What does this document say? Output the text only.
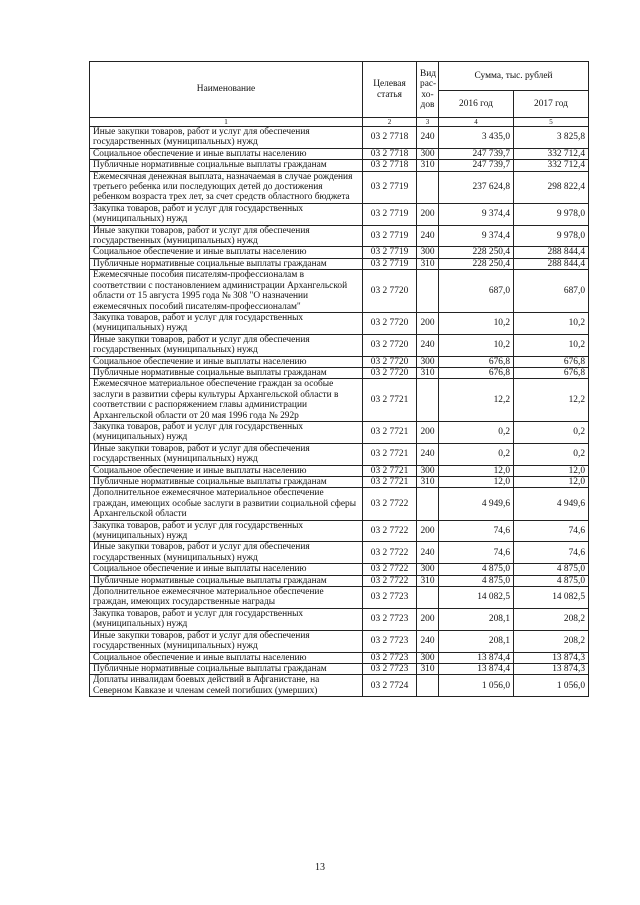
Наименование	Целевая статья	Вид рас-хо-дов	Сумма, тыс. рублей	
			2016 год	2017 год
1	2	3	4	5
Иные закупки товаров, работ и услуг для обеспечения государственных (муниципальных) нужд	03 2 7718	240	3 435,0	3 825,8
Социальное обеспечение и иные выплаты населению	03 2 7718	300	247 739,7	332 712,4
Публичные нормативные социальные выплаты гражданам	03 2 7718	310	247 739,7	332 712,4
Ежемесячная денежная выплата, назначаемая в случае рождения третьего ребенка или последующих детей до достижения ребенком возраста трех лет, за счет средств областного бюджета	03 2 7719		237 624,8	298 822,4
Закупка товаров, работ и услуг для государственных (муниципальных) нужд	03 2 7719	200	9 374,4	9 978,0
Иные закупки товаров, работ и услуг для обеспечения государственных (муниципальных) нужд	03 2 7719	240	9 374,4	9 978,0
Социальное обеспечение и иные выплаты населению	03 2 7719	300	228 250,4	288 844,4
Публичные нормативные социальные выплаты гражданам	03 2 7719	310	228 250,4	288 844,4
Ежемесячные пособия писателям-профессионалам в соответствии с постановлением администрации Архангельской области от 15 августа 1995 года № 308 "О назначении ежемесячных пособий писателям-профессионалам"	03 2 7720		687,0	687,0
Закупка товаров, работ и услуг для государственных (муниципальных) нужд	03 2 7720	200	10,2	10,2
Иные закупки товаров, работ и услуг для обеспечения государственных (муниципальных) нужд	03 2 7720	240	10,2	10,2
Социальное обеспечение и иные выплаты населению	03 2 7720	300	676,8	676,8
Публичные нормативные социальные выплаты гражданам	03 2 7720	310	676,8	676,8
Ежемесячное материальное обеспечение граждан за особые заслуги в развитии сферы культуры Архангельской области в соответствии с распоряжением главы администрации Архангельской области от 20 мая 1996 года № 292р	03 2 7721		12,2	12,2
Закупка товаров, работ и услуг для государственных (муниципальных) нужд	03 2 7721	200	0,2	0,2
Иные закупки товаров, работ и услуг для обеспечения государственных (муниципальных) нужд	03 2 7721	240	0,2	0,2
Социальное обеспечение и иные выплаты населению	03 2 7721	300	12,0	12,0
Публичные нормативные социальные выплаты гражданам	03 2 7721	310	12,0	12,0
Дополнительное ежемесячное материальное обеспечение граждан, имеющих особые заслуги в развитии социальной сферы Архангельской области	03 2 7722		4 949,6	4 949,6
Закупка товаров, работ и услуг для государственных (муниципальных) нужд	03 2 7722	200	74,6	74,6
Иные закупки товаров, работ и услуг для обеспечения государственных (муниципальных) нужд	03 2 7722	240	74,6	74,6
Социальное обеспечение и иные выплаты населению	03 2 7722	300	4 875,0	4 875,0
Публичные нормативные социальные выплаты гражданам	03 2 7722	310	4 875,0	4 875,0
Дополнительное ежемесячное материальное обеспечение граждан, имеющих государственные награды	03 2 7723		14 082,5	14 082,5
Закупка товаров, работ и услуг для государственных (муниципальных) нужд	03 2 7723	200	208,1	208,2
Иные закупки товаров, работ и услуг для обеспечения государственных (муниципальных) нужд	03 2 7723	240	208,1	208,2
Социальное обеспечение и иные выплаты населению	03 2 7723	300	13 874,4	13 874,3
Публичные нормативные социальные выплаты гражданам	03 2 7723	310	13 874,4	13 874,3
Доплаты инвалидам боевых действий в Афганистане, на Северном Кавказе и членам семей погибших (умерших)	03 2 7724		1 056,0	1 056,0
13
